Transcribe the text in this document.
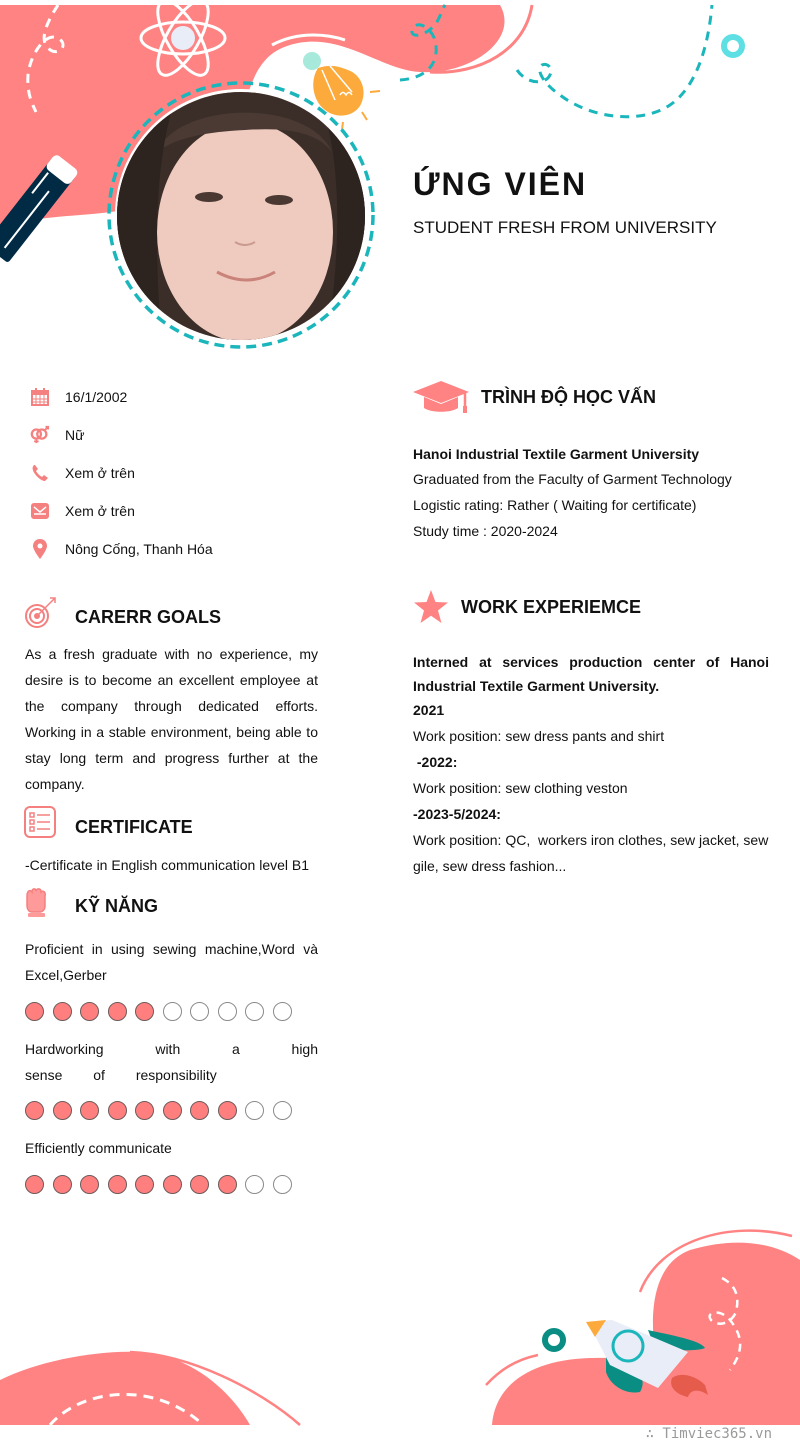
ỨNG VIÊN
STUDENT FRESH FROM UNIVERSITY
16/1/2002
Nữ
Xem ở trên
Xem ở trên
Nông Cống, Thanh Hóa
CARERR GOALS
As a fresh graduate with no experience, my desire is to become an excellent employee at the company through dedicated efforts. Working in a stable environment, being able to stay long term and progress further at the company.
CERTIFICATE
-Certificate in English communication level B1
KỸ NĂNG
Proficient in using sewing machine,Word và Excel,Gerber
Hardworking with a high sense of responsibility
Efficiently communicate
TRÌNH ĐỘ HỌC VẤN
Hanoi Industrial Textile Garment University
Graduated from the Faculty of Garment Technology
Logistic rating: Rather ( Waiting for certificate)
Study time : 2020-2024
WORK EXPERIEMCE
Interned at services production center of Hanoi Industrial Textile Garment University.
2021
Work position: sew dress pants and shirt
-2022:
Work position: sew clothing veston
-2023-5/2024:
Work position: QC,  workers iron clothes, sew jacket, sew gile, sew dress fashion...
∴ Timviec365.vn
